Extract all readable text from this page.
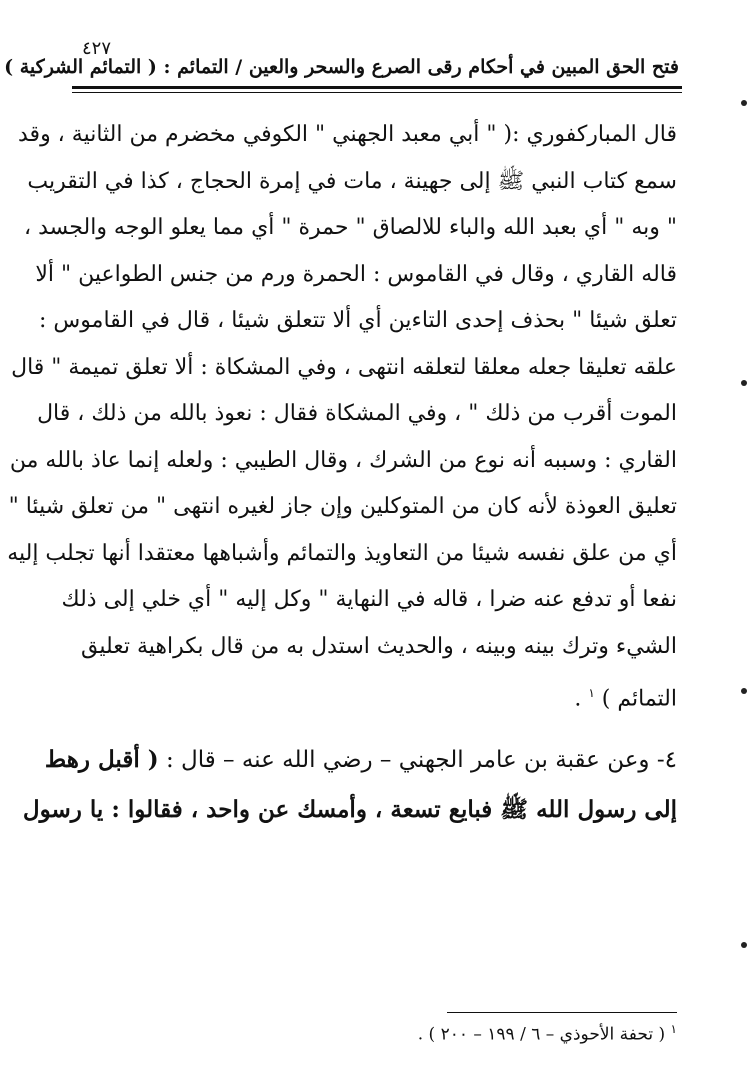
٤٢٧
فتح الحق المبين في أحكام رقى الصرع والسحر والعين / التمائم : ( التمائم الشركية )
قال المباركفوري :( " أبي معبد الجهني " الكوفي مخضرم من الثانية ، وقد
سمع كتاب النبي ﷺ إلى جهينة ، مات في إمرة الحجاج ، كذا في التقريب
" وبه " أي بعبد الله والباء للالصاق " حمرة " أي مما يعلو الوجه والجسد ،
قاله القاري ، وقال في القاموس : الحمرة ورم من جنس الطواعين " ألا
تعلق شيئا " بحذف إحدى التاءين أي ألا تتعلق شيئا ، قال في القاموس :
علقه تعليقا جعله معلقا لتعلقه انتهى ، وفي المشكاة : ألا تعلق تميمة " قال
الموت أقرب من ذلك " ، وفي المشكاة فقال : نعوذ بالله من ذلك ، قال
القاري : وسببه أنه نوع من الشرك ، وقال الطيبي : ولعله إنما عاذ بالله من
تعليق العوذة لأنه كان من المتوكلين وإن جاز لغيره انتهى " من تعلق شيئا "
أي من علق نفسه شيئا من التعاويذ والتمائم وأشباهها معتقدا أنها تجلب إليه
نفعا أو تدفع عنه ضرا ، قاله في النهاية " وكل إليه " أي خلي إلى ذلك
الشيء وترك بينه وبينه ، والحديث استدل به من قال بكراهية تعليق
التمائم ) $^١$ .
٤- وعن عقبة بن عامر الجهني – رضي الله عنه – قال : ( أقبل رهط
إلى رسول الله ﷺ فبايع تسعة ، وأمسك عن واحد ، فقالوا : يا رسول
$^١$ ( تحفة الأحوذي – ٦ / ١٩٩ – ٢٠٠ ) .
